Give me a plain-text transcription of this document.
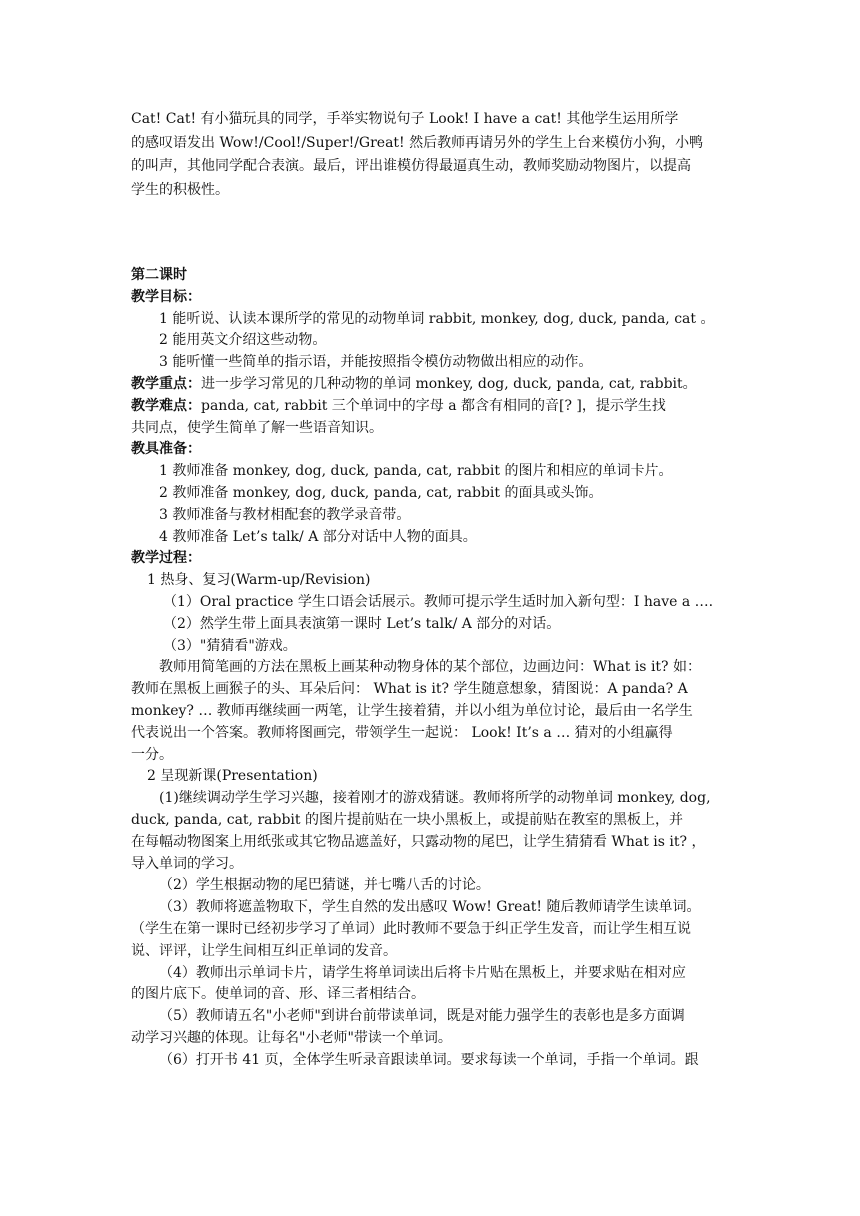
Cat! Cat! 有小猫玩具的同学，手举实物说句子 Look! I have a cat! 其他学生运用所学
的感叹语发出 Wow!/Cool!/Super!/Great! 然后教师再请另外的学生上台来模仿小狗，小鸭
的叫声，其他同学配合表演。最后，评出谁模仿得最逼真生动，教师奖励动物图片，以提高
学生的积极性。
第二课时
教学目标：
1 能听说、认读本课所学的常见的动物单词 rabbit, monkey, dog, duck, panda, cat 。
2 能用英文介绍这些动物。
3 能听懂一些简单的指示语，并能按照指令模仿动物做出相应的动作。
教学重点：进一步学习常见的几种动物的单词 monkey, dog, duck, panda, cat, rabbit。
教学难点：panda, cat, rabbit 三个单词中的字母 a 都含有相同的音[? ]，提示学生找
共同点，使学生简单了解一些语音知识。
教具准备：
1 教师准备 monkey, dog, duck, panda, cat, rabbit 的图片和相应的单词卡片。
2 教师准备 monkey, dog, duck, panda, cat, rabbit 的面具或头饰。
3 教师准备与教材相配套的教学录音带。
4 教师准备 Let’s talk/ A 部分对话中人物的面具。
教学过程：
1 热身、复习(Warm-up/Revision)
（1）Oral practice 学生口语会话展示。教师可提示学生适时加入新句型：I have a ….
（2）然学生带上面具表演第一课时 Let’s talk/ A 部分的对话。
（3）"猜猜看"游戏。
教师用简笔画的方法在黑板上画某种动物身体的某个部位，边画边问：What is it? 如：
教师在黑板上画猴子的头、耳朵后问： What is it? 学生随意想象，猜图说：A panda? A
monkey? … 教师再继续画一两笔，让学生接着猜，并以小组为单位讨论，最后由一名学生
代表说出一个答案。教师将图画完，带领学生一起说： Look! It’s a … 猜对的小组赢得
一分。
2 呈现新课(Presentation)
(1)继续调动学生学习兴趣，接着刚才的游戏猜谜。教师将所学的动物单词 monkey, dog,
duck, panda, cat, rabbit 的图片提前贴在一块小黑板上，或提前贴在教室的黑板上，并
在每幅动物图案上用纸张或其它物品遮盖好，只露动物的尾巴，让学生猜猜看 What is it? ，
导入单词的学习。
（2）学生根据动物的尾巴猜谜，并七嘴八舌的讨论。
（3）教师将遮盖物取下，学生自然的发出感叹 Wow! Great! 随后教师请学生读单词。
（学生在第一课时已经初步学习了单词）此时教师不要急于纠正学生发音，而让学生相互说
说、评评，让学生间相互纠正单词的发音。
（4）教师出示单词卡片，请学生将单词读出后将卡片贴在黑板上，并要求贴在相对应
的图片底下。使单词的音、形、译三者相结合。
（5）教师请五名"小老师"到讲台前带读单词，既是对能力强学生的表彰也是多方面调
动学习兴趣的体现。让每名"小老师"带读一个单词。
（6）打开书 41 页，全体学生听录音跟读单词。要求每读一个单词，手指一个单词。跟
